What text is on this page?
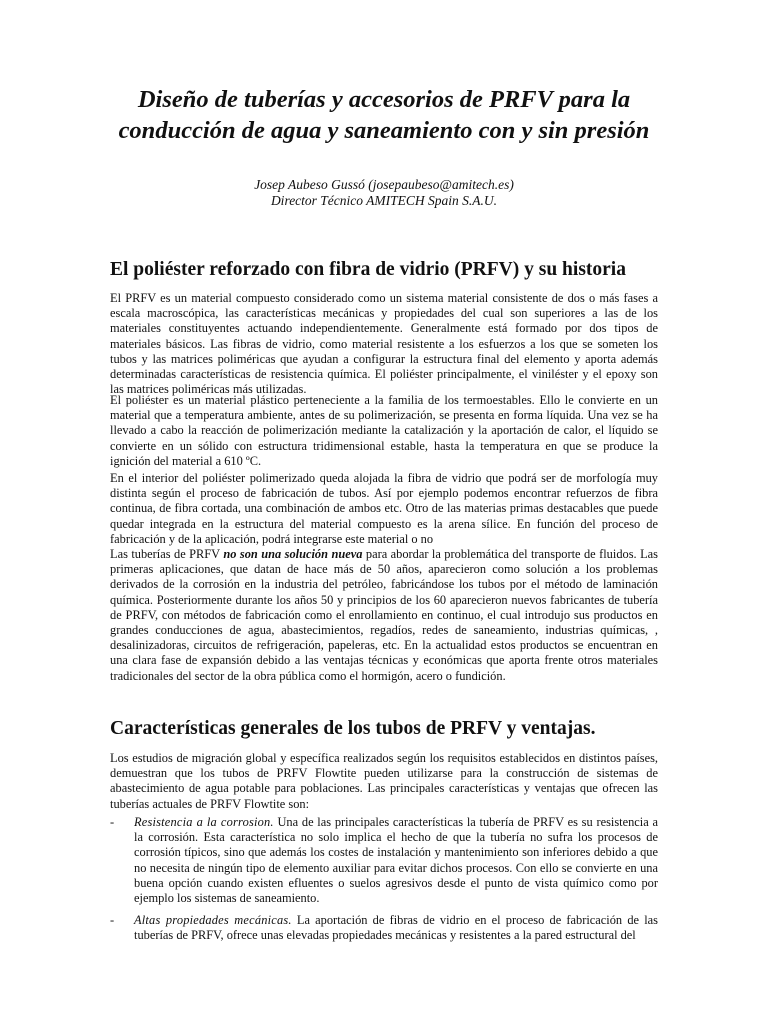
Diseño de tuberías y accesorios de PRFV para la conducción de agua y saneamiento con y sin presión
Josep Aubeso Gussó (josepaubeso@amitech.es)
Director Técnico AMITECH Spain S.A.U.
El poliéster reforzado con fibra de vidrio (PRFV) y su historia

El PRFV es un material compuesto considerado como un sistema material consistente de dos o más fases a escala macroscópica, las características mecánicas y propiedades del cual son superiores a las de los materiales constituyentes actuando independientemente. Generalmente está formado por dos tipos de materiales básicos. Las fibras de vidrio, como material resistente a los esfuerzos a los que se someten los tubos y las matrices poliméricas que ayudan a configurar la estructura final del elemento y aporta además determinadas características de resistencia química. El poliéster principalmente, el viniléster y el epoxy son las matrices poliméricas más utilizadas.

El poliéster es un material plástico perteneciente a la familia de los termoestables. Ello le convierte en un material que a temperatura ambiente, antes de su polimerización, se presenta en forma líquida. Una vez se ha llevado a cabo la reacción de polimerización mediante la catalización y la aportación de calor, el líquido se convierte en un sólido con estructura tridimensional estable, hasta la temperatura en que se produce la ignición del material a 610 ºC.

En el interior del poliéster polimerizado queda alojada la fibra de vidrio que podrá ser de morfología muy distinta según el proceso de fabricación de tubos. Así por ejemplo podemos encontrar refuerzos de fibra continua, de fibra cortada, una combinación de ambos etc. Otro de las materias primas destacables que puede quedar integrada en la estructura del material compuesto es la arena sílice. En función del proceso de fabricación y de la aplicación, podrá integrarse este material o no

Las tuberías de PRFV no son una solución nueva para abordar la problemática del transporte de fluidos. Las primeras aplicaciones, que datan de hace más de 50 años, aparecieron como solución a los problemas derivados de la corrosión en la industria del petróleo, fabricándose los tubos por el método de laminación química. Posteriormente durante los años 50 y principios de los 60 aparecieron nuevos fabricantes de tubería de PRFV, con métodos de fabricación como el enrollamiento en continuo, el cual introdujo sus productos en grandes conducciones de agua, abastecimientos, regadíos, redes de saneamiento, industrias químicas, , desalinizadoras, circuitos de refrigeración, papeleras, etc. En la actualidad estos productos se encuentran en una clara fase de expansión debido a las ventajas técnicas y económicas que aporta frente otros materiales tradicionales del sector de la obra pública como el hormigón, acero o fundición.

Características generales de los tubos de PRFV y ventajas.

Los estudios de migración global y específica realizados según los requisitos establecidos en distintos países, demuestran que los tubos de PRFV Flowtite pueden utilizarse para la construcción de sistemas de abastecimiento de agua potable para poblaciones. Las principales características y ventajas que ofrecen las tuberías actuales de PRFV Flowtite son:

- Resistencia a la corrosion. Una de las principales características la tubería de PRFV es su resistencia a la corrosión. Esta característica no solo implica el hecho de que la tubería no sufra los procesos de corrosión típicos, sino que además los costes de instalación y mantenimiento son inferiores debido a que no necesita de ningún tipo de elemento auxiliar para evitar dichos procesos. Con ello se convierte en una buena opción cuando existen efluentes o suelos agresivos desde el punto de vista químico como por ejemplo los sistemas de saneamiento.
- Altas propiedades mecánicas. La aportación de fibras de vidrio en el proceso de fabricación de las tuberías de PRFV, ofrece unas elevadas propiedades mecánicas y resistentes a la pared estructural del
